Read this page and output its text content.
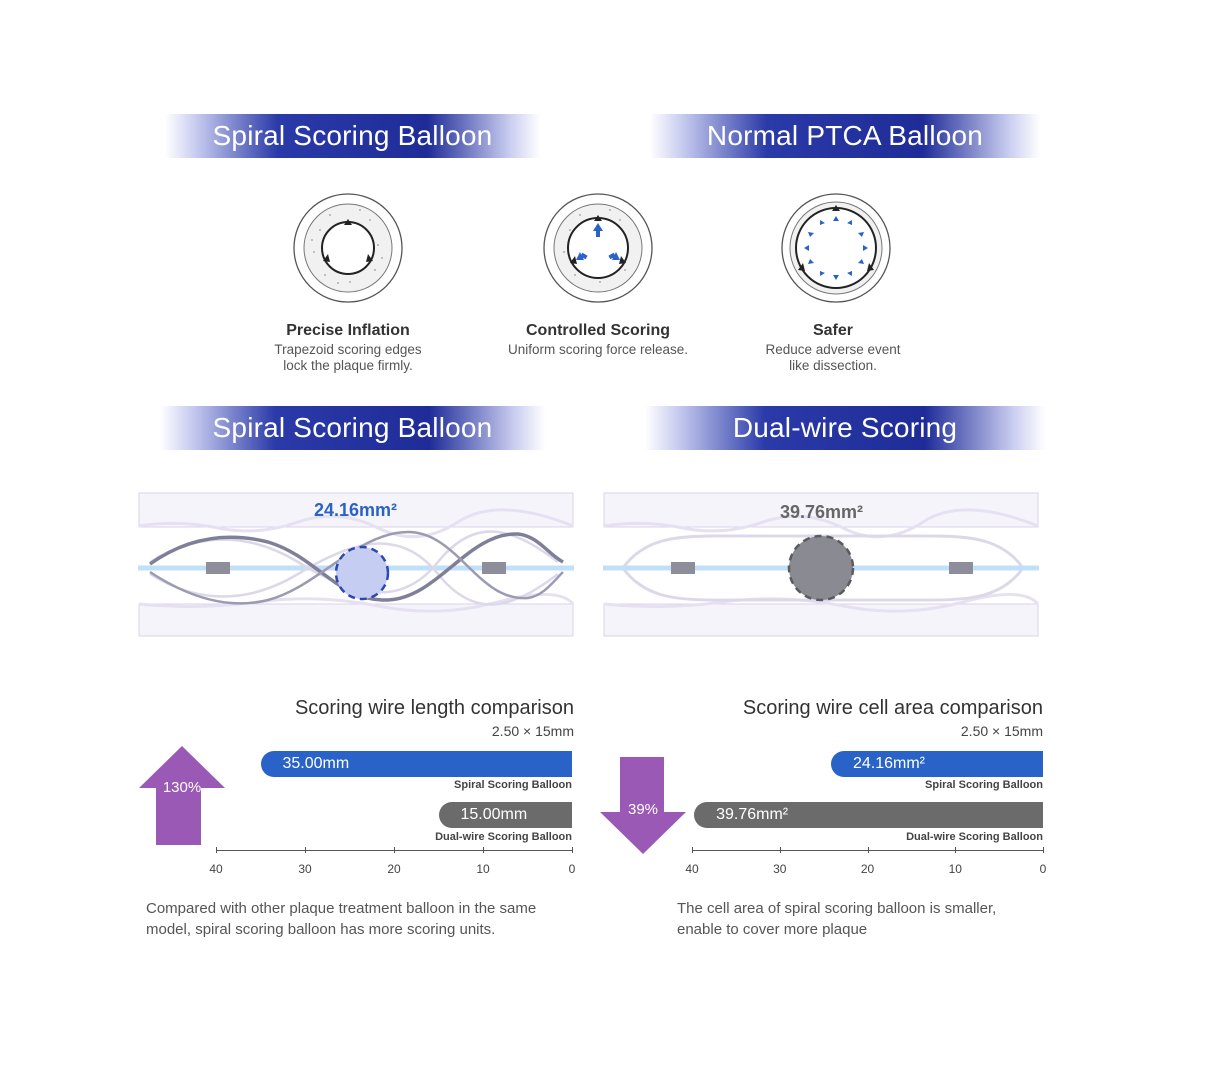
Spiral Scoring Balloon	Normal PTCA Balloon
Precise Inflation
Trapezoid scoring edges
lock the plaque firmly.
Controlled Scoring
Uniform scoring force release.
Safer
Reduce adverse event
like dissection.
Spiral Scoring Balloon	Dual-wire Scoring
24.16mm²	39.76mm²
Scoring wire length comparison
2.50 × 15mm
130%
35.00mm
Spiral Scoring Balloon
15.00mm
Dual-wire Scoring Balloon
40	30	20	10	0
Compared with other plaque treatment balloon in the same
model, spiral scoring balloon has more scoring units.
Scoring wire cell area comparison
2.50 × 15mm
39%
24.16mm²
Spiral Scoring Balloon
39.76mm²
Dual-wire Scoring Balloon
40	30	20	10	0
The cell area of spiral scoring balloon is smaller,
enable to cover more plaque
